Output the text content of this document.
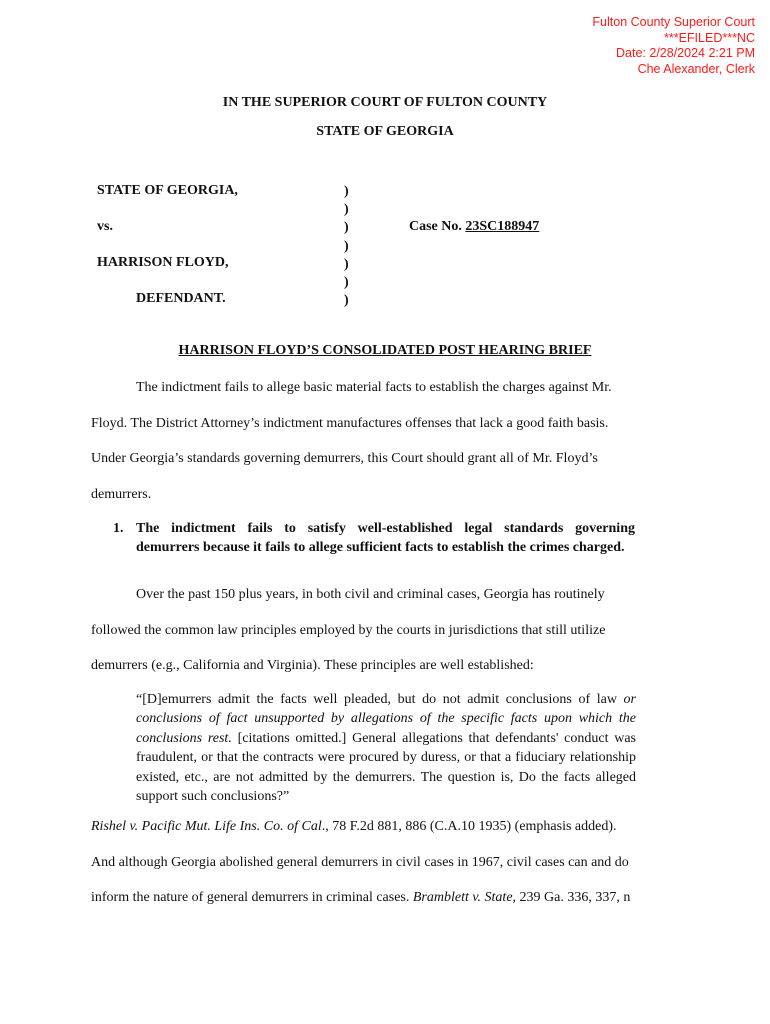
Fulton County Superior Court
***EFILED***NC
Date: 2/28/2024 2:21 PM
Che Alexander, Clerk
IN THE SUPERIOR COURT OF FULTON COUNTY
STATE OF GEORGIA
STATE OF GEORGIA,
vs.
HARRISON FLOYD,
DEFENDANT.
)
)
)
)
)
)
)
Case No. 23SC188947
HARRISON FLOYD’S CONSOLIDATED POST HEARING BRIEF
The indictment fails to allege basic material facts to establish the charges against Mr.
Floyd. The District Attorney’s indictment manufactures offenses that lack a good faith basis.
Under Georgia’s standards governing demurrers, this Court should grant all of Mr. Floyd’s
demurrers.
1. The indictment fails to satisfy well-established legal standards governing demurrers because it fails to allege sufficient facts to establish the crimes charged.
Over the past 150 plus years, in both civil and criminal cases, Georgia has routinely
followed the common law principles employed by the courts in jurisdictions that still utilize
demurrers (e.g., California and Virginia). These principles are well established:
“[D]emurrers admit the facts well pleaded, but do not admit conclusions of law or conclusions of fact unsupported by allegations of the specific facts upon which the conclusions rest. [citations omitted.] General allegations that defendants' conduct was fraudulent, or that the contracts were procured by duress, or that a fiduciary relationship existed, etc., are not admitted by the demurrers. The question is, Do the facts alleged support such conclusions?”
Rishel v. Pacific Mut. Life Ins. Co. of Cal., 78 F.2d 881, 886 (C.A.10 1935) (emphasis added).
And although Georgia abolished general demurrers in civil cases in 1967, civil cases can and do
inform the nature of general demurrers in criminal cases. Bramblett v. State, 239 Ga. 336, 337, n
